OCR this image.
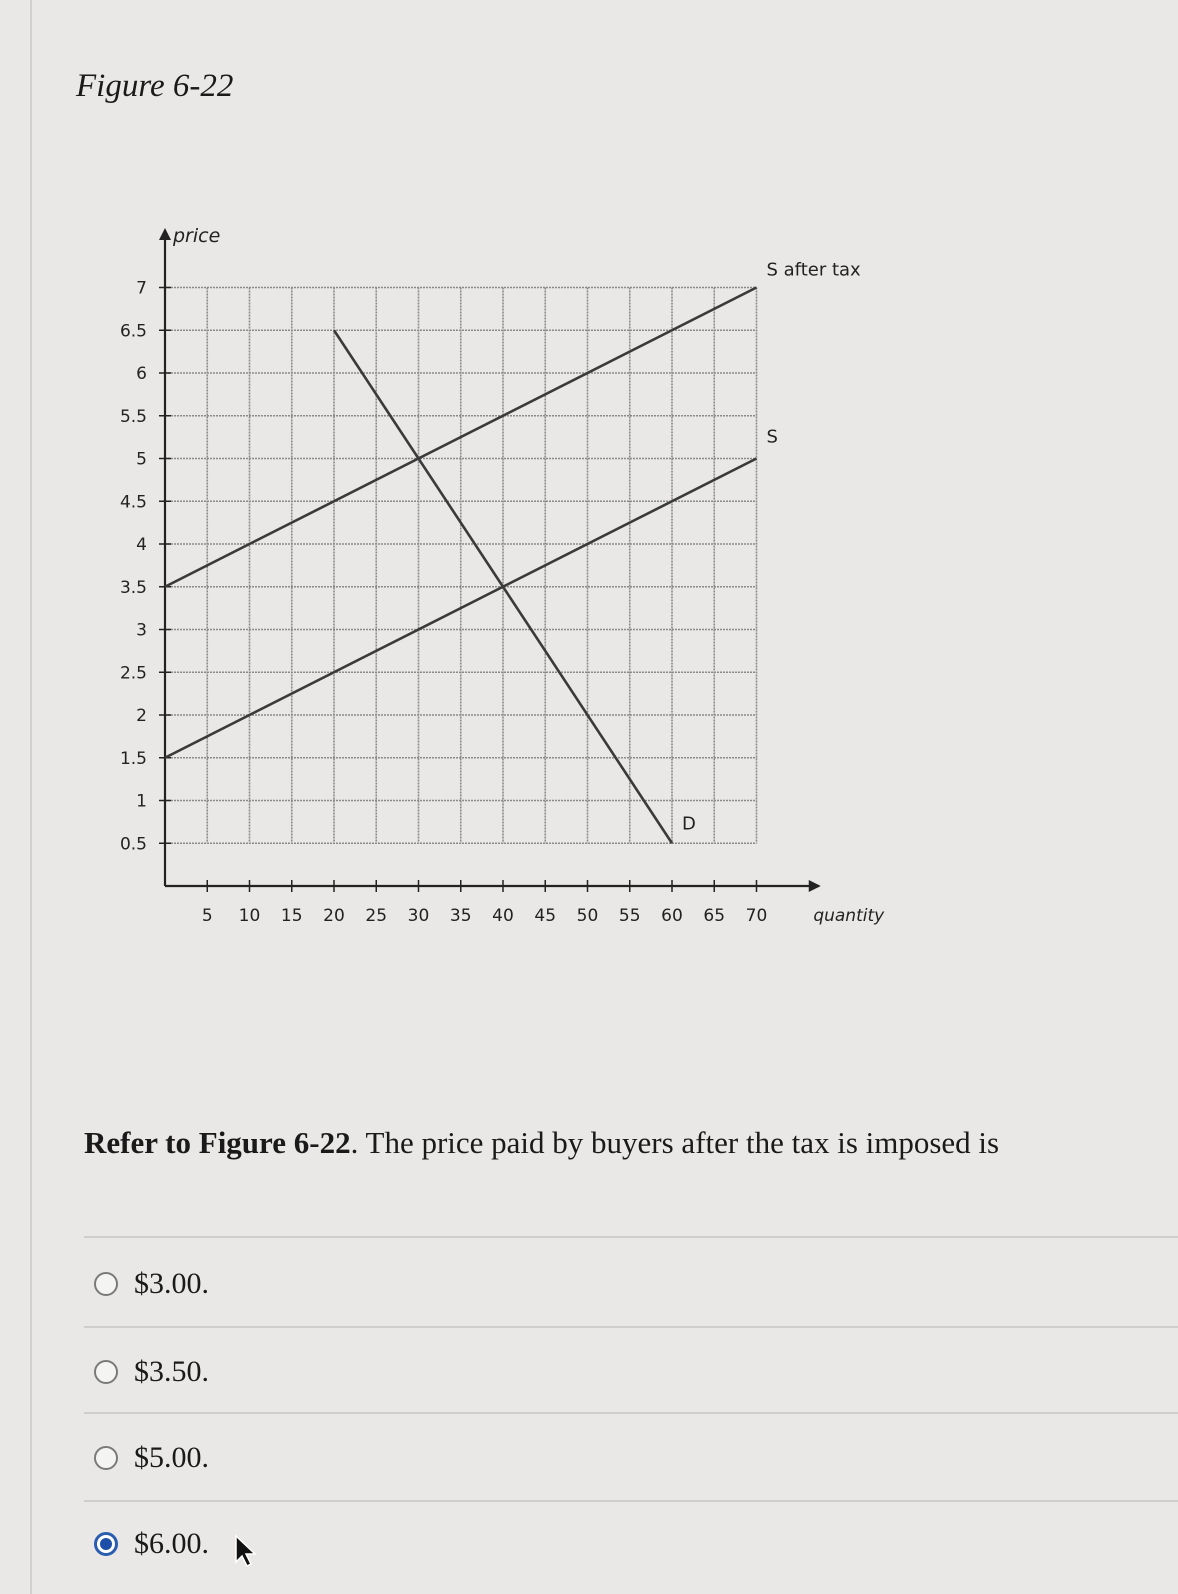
Figure 6-22
5 10 15 20 25 30 35 40 45 50 55 60 65 70
0.5
1
1.5
2
2.5
3
3.5
4
4.5
5
5.5
6
6.5
7
price
quantity
S after tax
S
D

Refer to Figure 6-22. The price paid by buyers after the tax is imposed is

$3.00.
$3.50.
$5.00.
$6.00.
